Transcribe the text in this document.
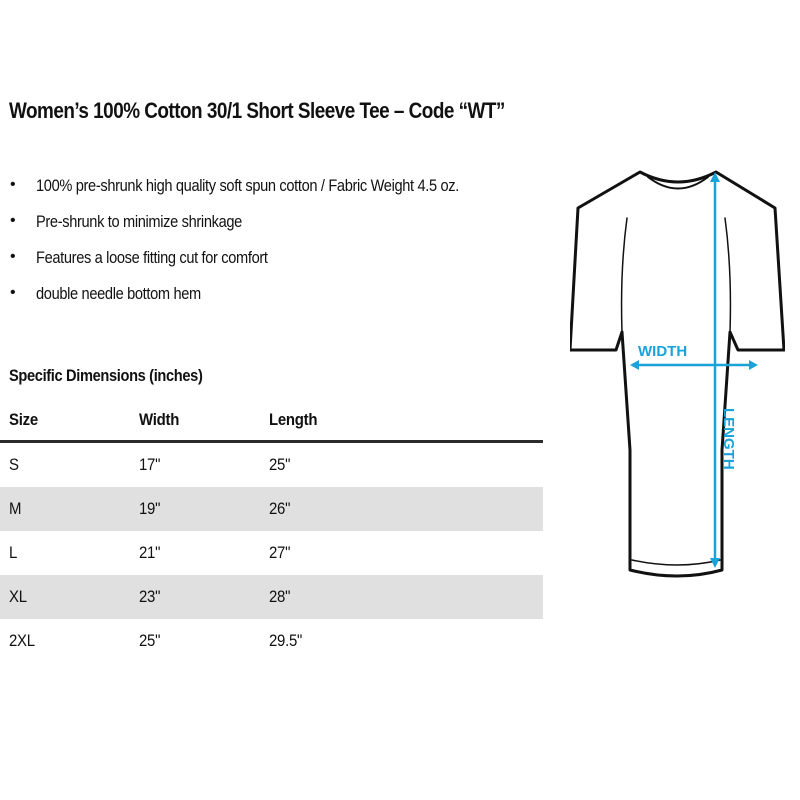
Women’s 100% Cotton 30/1 Short Sleeve Tee – Code “WT”
• 100% pre-shrunk high quality soft spun cotton / Fabric Weight 4.5 oz.
• Pre-shrunk to minimize shrinkage
• Features a loose fitting cut for comfort
• double needle bottom hem
Specific Dimensions (inches)
Size	Width	Length
S	17"	25"
M	19"	26"
L	21"	27"
XL	23"	28"
2XL	25"	29.5"
WIDTH
LENGTH
